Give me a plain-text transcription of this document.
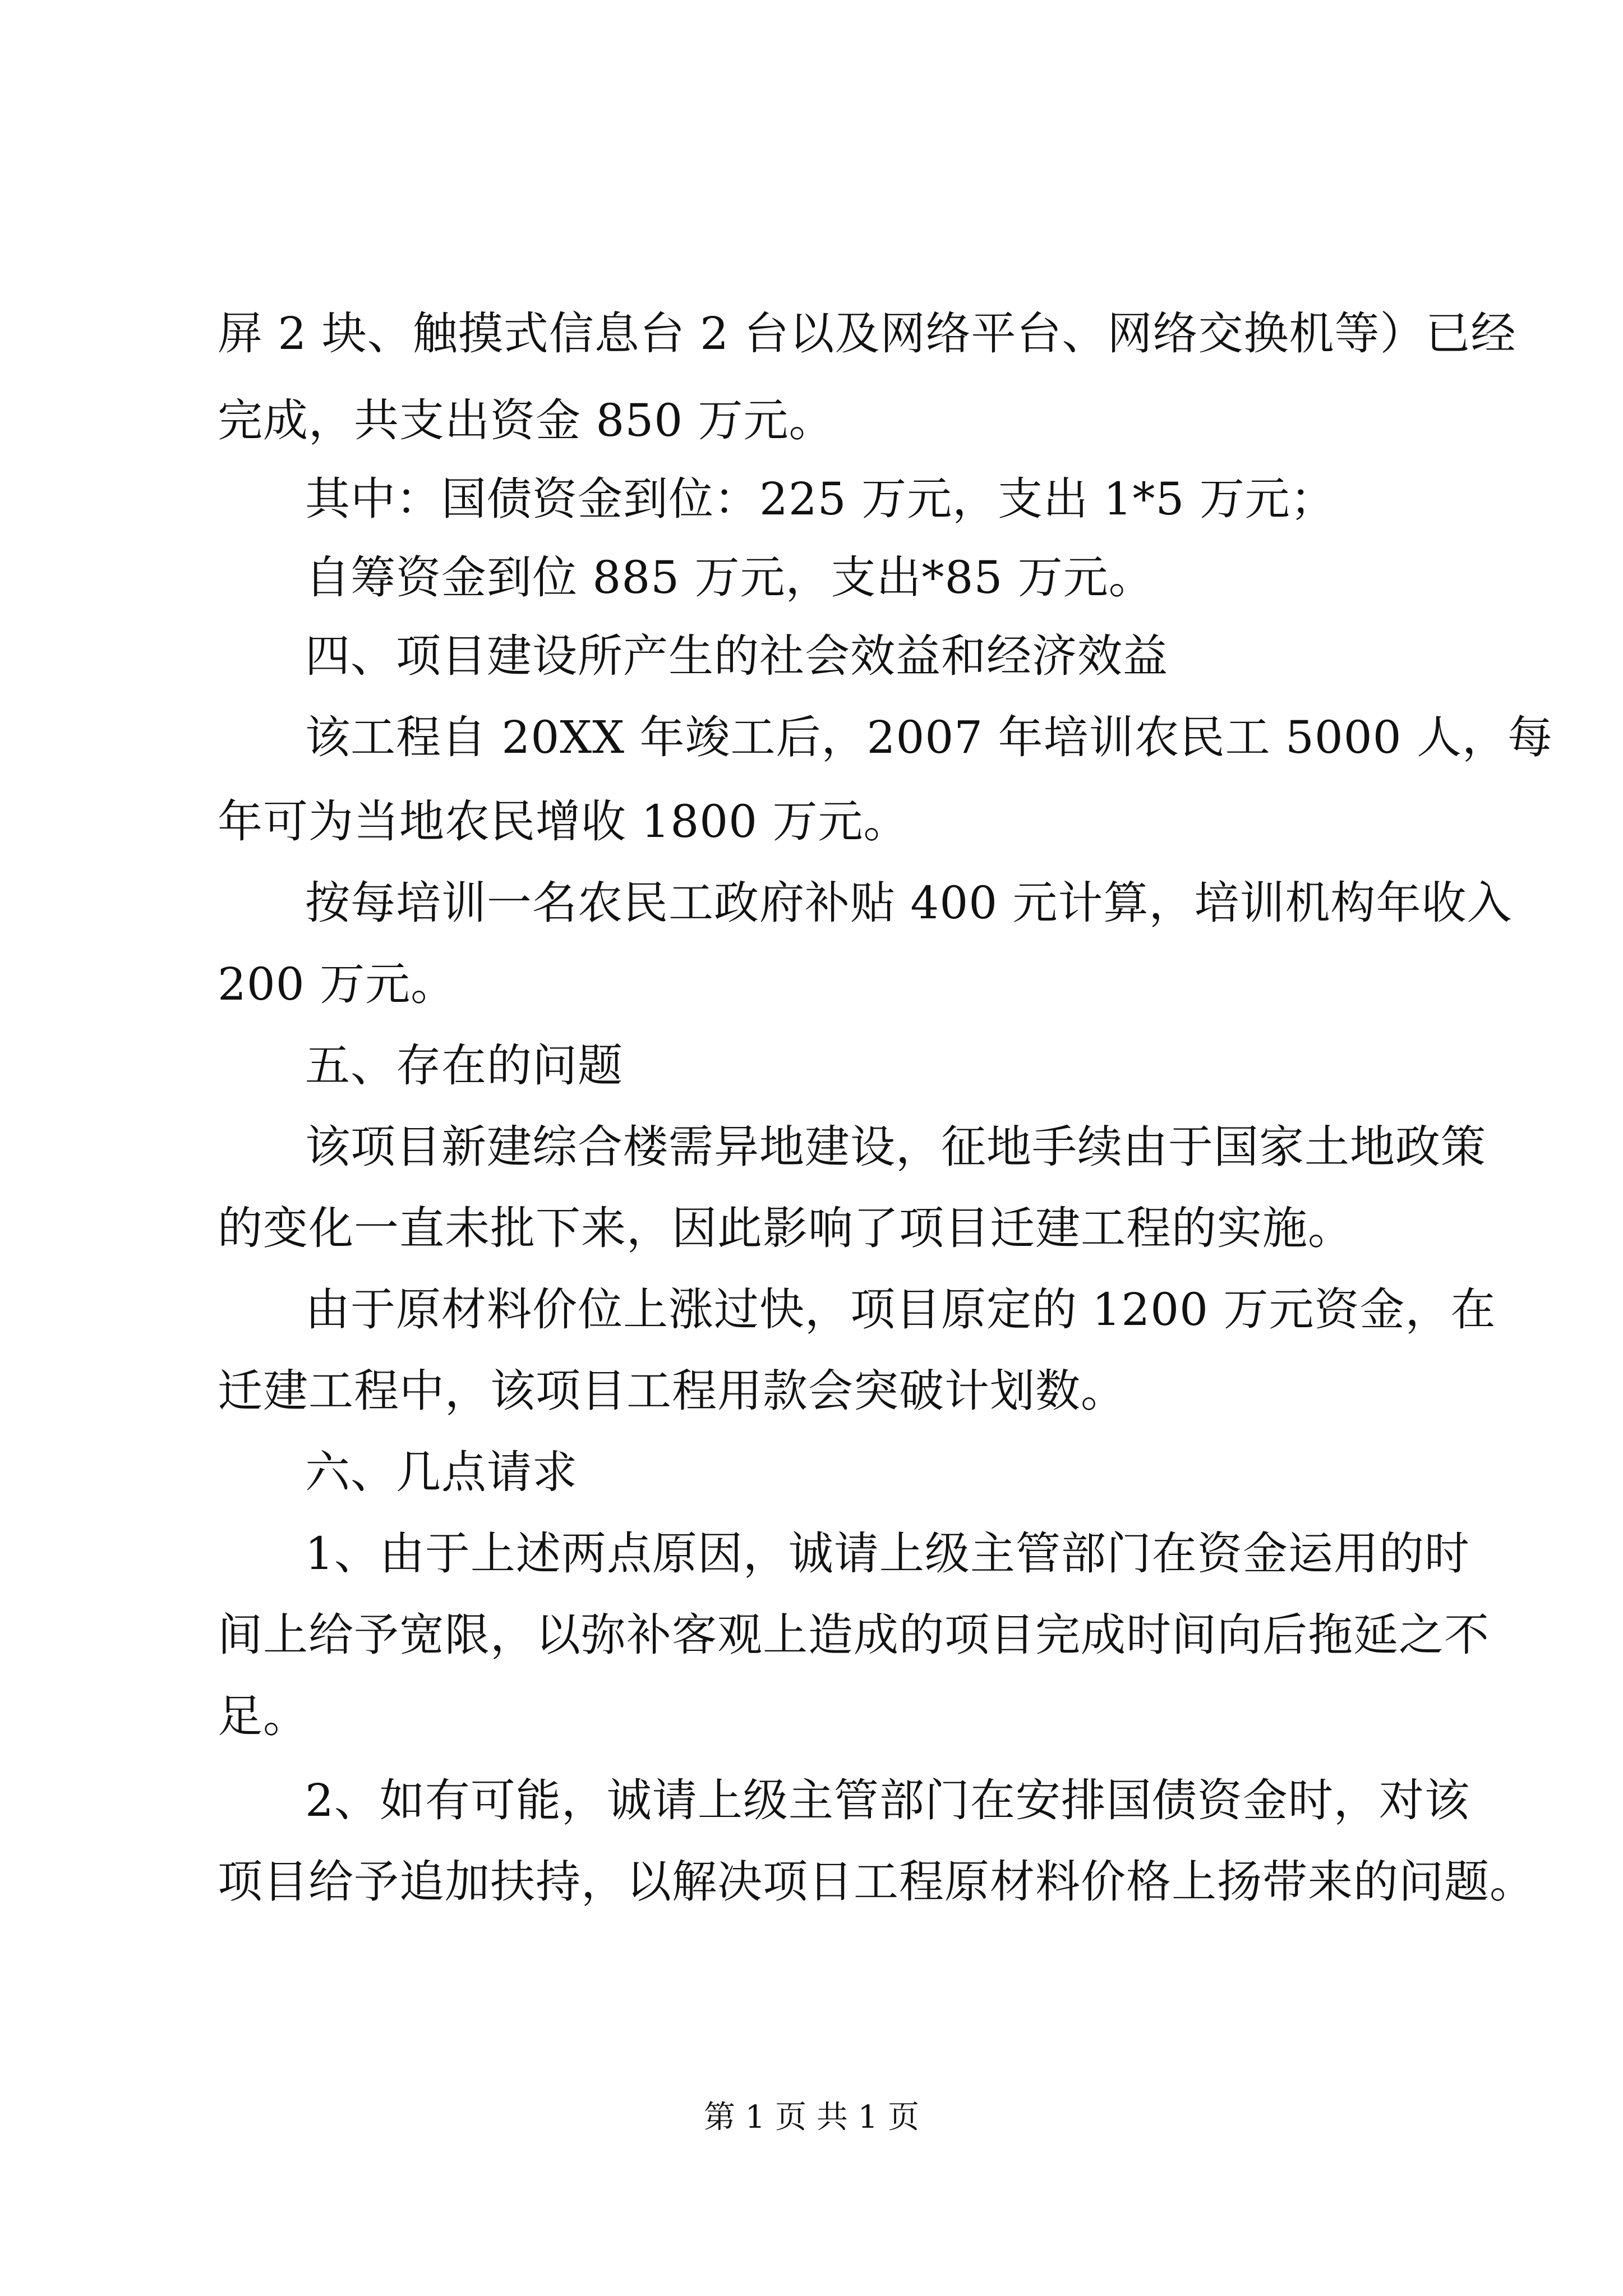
屏 2 块、触摸式信息台 2 台以及网络平台、网络交换机等）已经
完成，共支出资金 850 万元。
其中：国债资金到位：225 万元，支出 1*5 万元；
自筹资金到位 885 万元，支出*85 万元。
四、项目建设所产生的社会效益和经济效益
该工程自 20XX 年竣工后，2007 年培训农民工 5000 人，每
年可为当地农民增收 1800 万元。
按每培训一名农民工政府补贴 400 元计算，培训机构年收入
200 万元。
五、存在的问题
该项目新建综合楼需异地建设，征地手续由于国家土地政策
的变化一直未批下来，因此影响了项目迁建工程的实施。
由于原材料价位上涨过快，项目原定的 1200 万元资金，在
迁建工程中，该项目工程用款会突破计划数。
六、几点请求
1、由于上述两点原因，诚请上级主管部门在资金运用的时
间上给予宽限，以弥补客观上造成的项目完成时间向后拖延之不
足。
2、如有可能，诚请上级主管部门在安排国债资金时，对该
项目给予追加扶持，以解决项日工程原材料价格上扬带来的问题。
第 1 页 共 1 页
